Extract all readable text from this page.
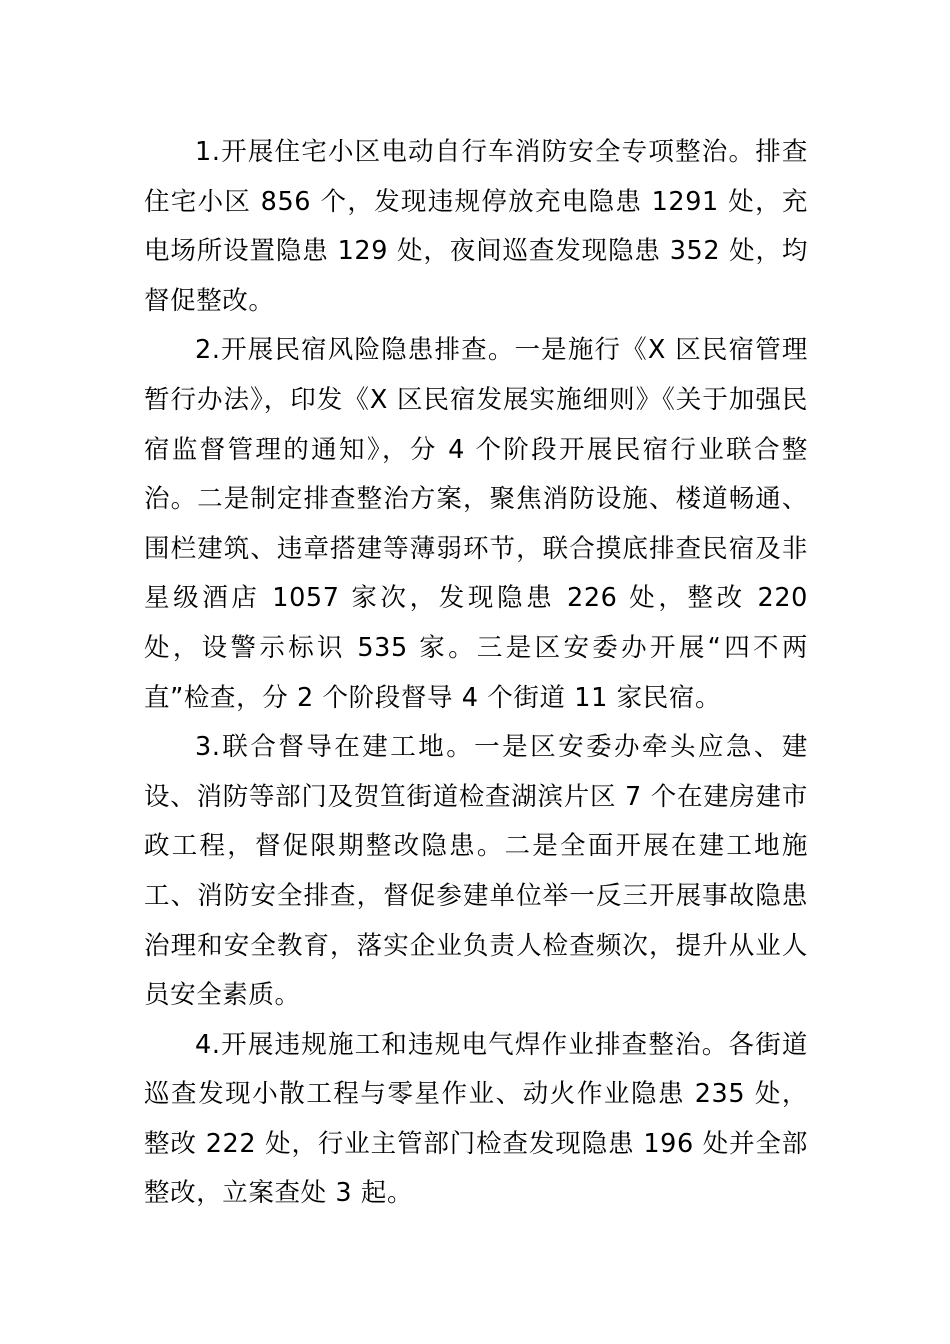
1.开展住宅小区电动自行车消防安全专项整治。排查住宅小区 856 个，发现违规停放充电隐患 1291 处，充电场所设置隐患 129 处，夜间巡查发现隐患 352 处，均督促整改。

2.开展民宿风险隐患排查。一是施行《X 区民宿管理暂行办法》，印发《X 区民宿发展实施细则》《关于加强民宿监督管理的通知》，分 4 个阶段开展民宿行业联合整治。二是制定排查整治方案，聚焦消防设施、楼道畅通、围栏建筑、违章搭建等薄弱环节，联合摸底排查民宿及非星级酒店 1057 家次，发现隐患 226 处，整改 220 处，设警示标识 535 家。三是区安委办开展“四不两直”检查，分 2 个阶段督导 4 个街道 11 家民宿。

3.联合督导在建工地。一是区安委办牵头应急、建设、消防等部门及贺笪街道检查湖滨片区 7 个在建房建市政工程，督促限期整改隐患。二是全面开展在建工地施工、消防安全排查，督促参建单位举一反三开展事故隐患治理和安全教育，落实企业负责人检查频次，提升从业人员安全素质。

4.开展违规施工和违规电气焊作业排查整治。各街道巡查发现小散工程与零星作业、动火作业隐患 235 处，整改 222 处，行业主管部门检查发现隐患 196 处并全部整改，立案查处 3 起。
